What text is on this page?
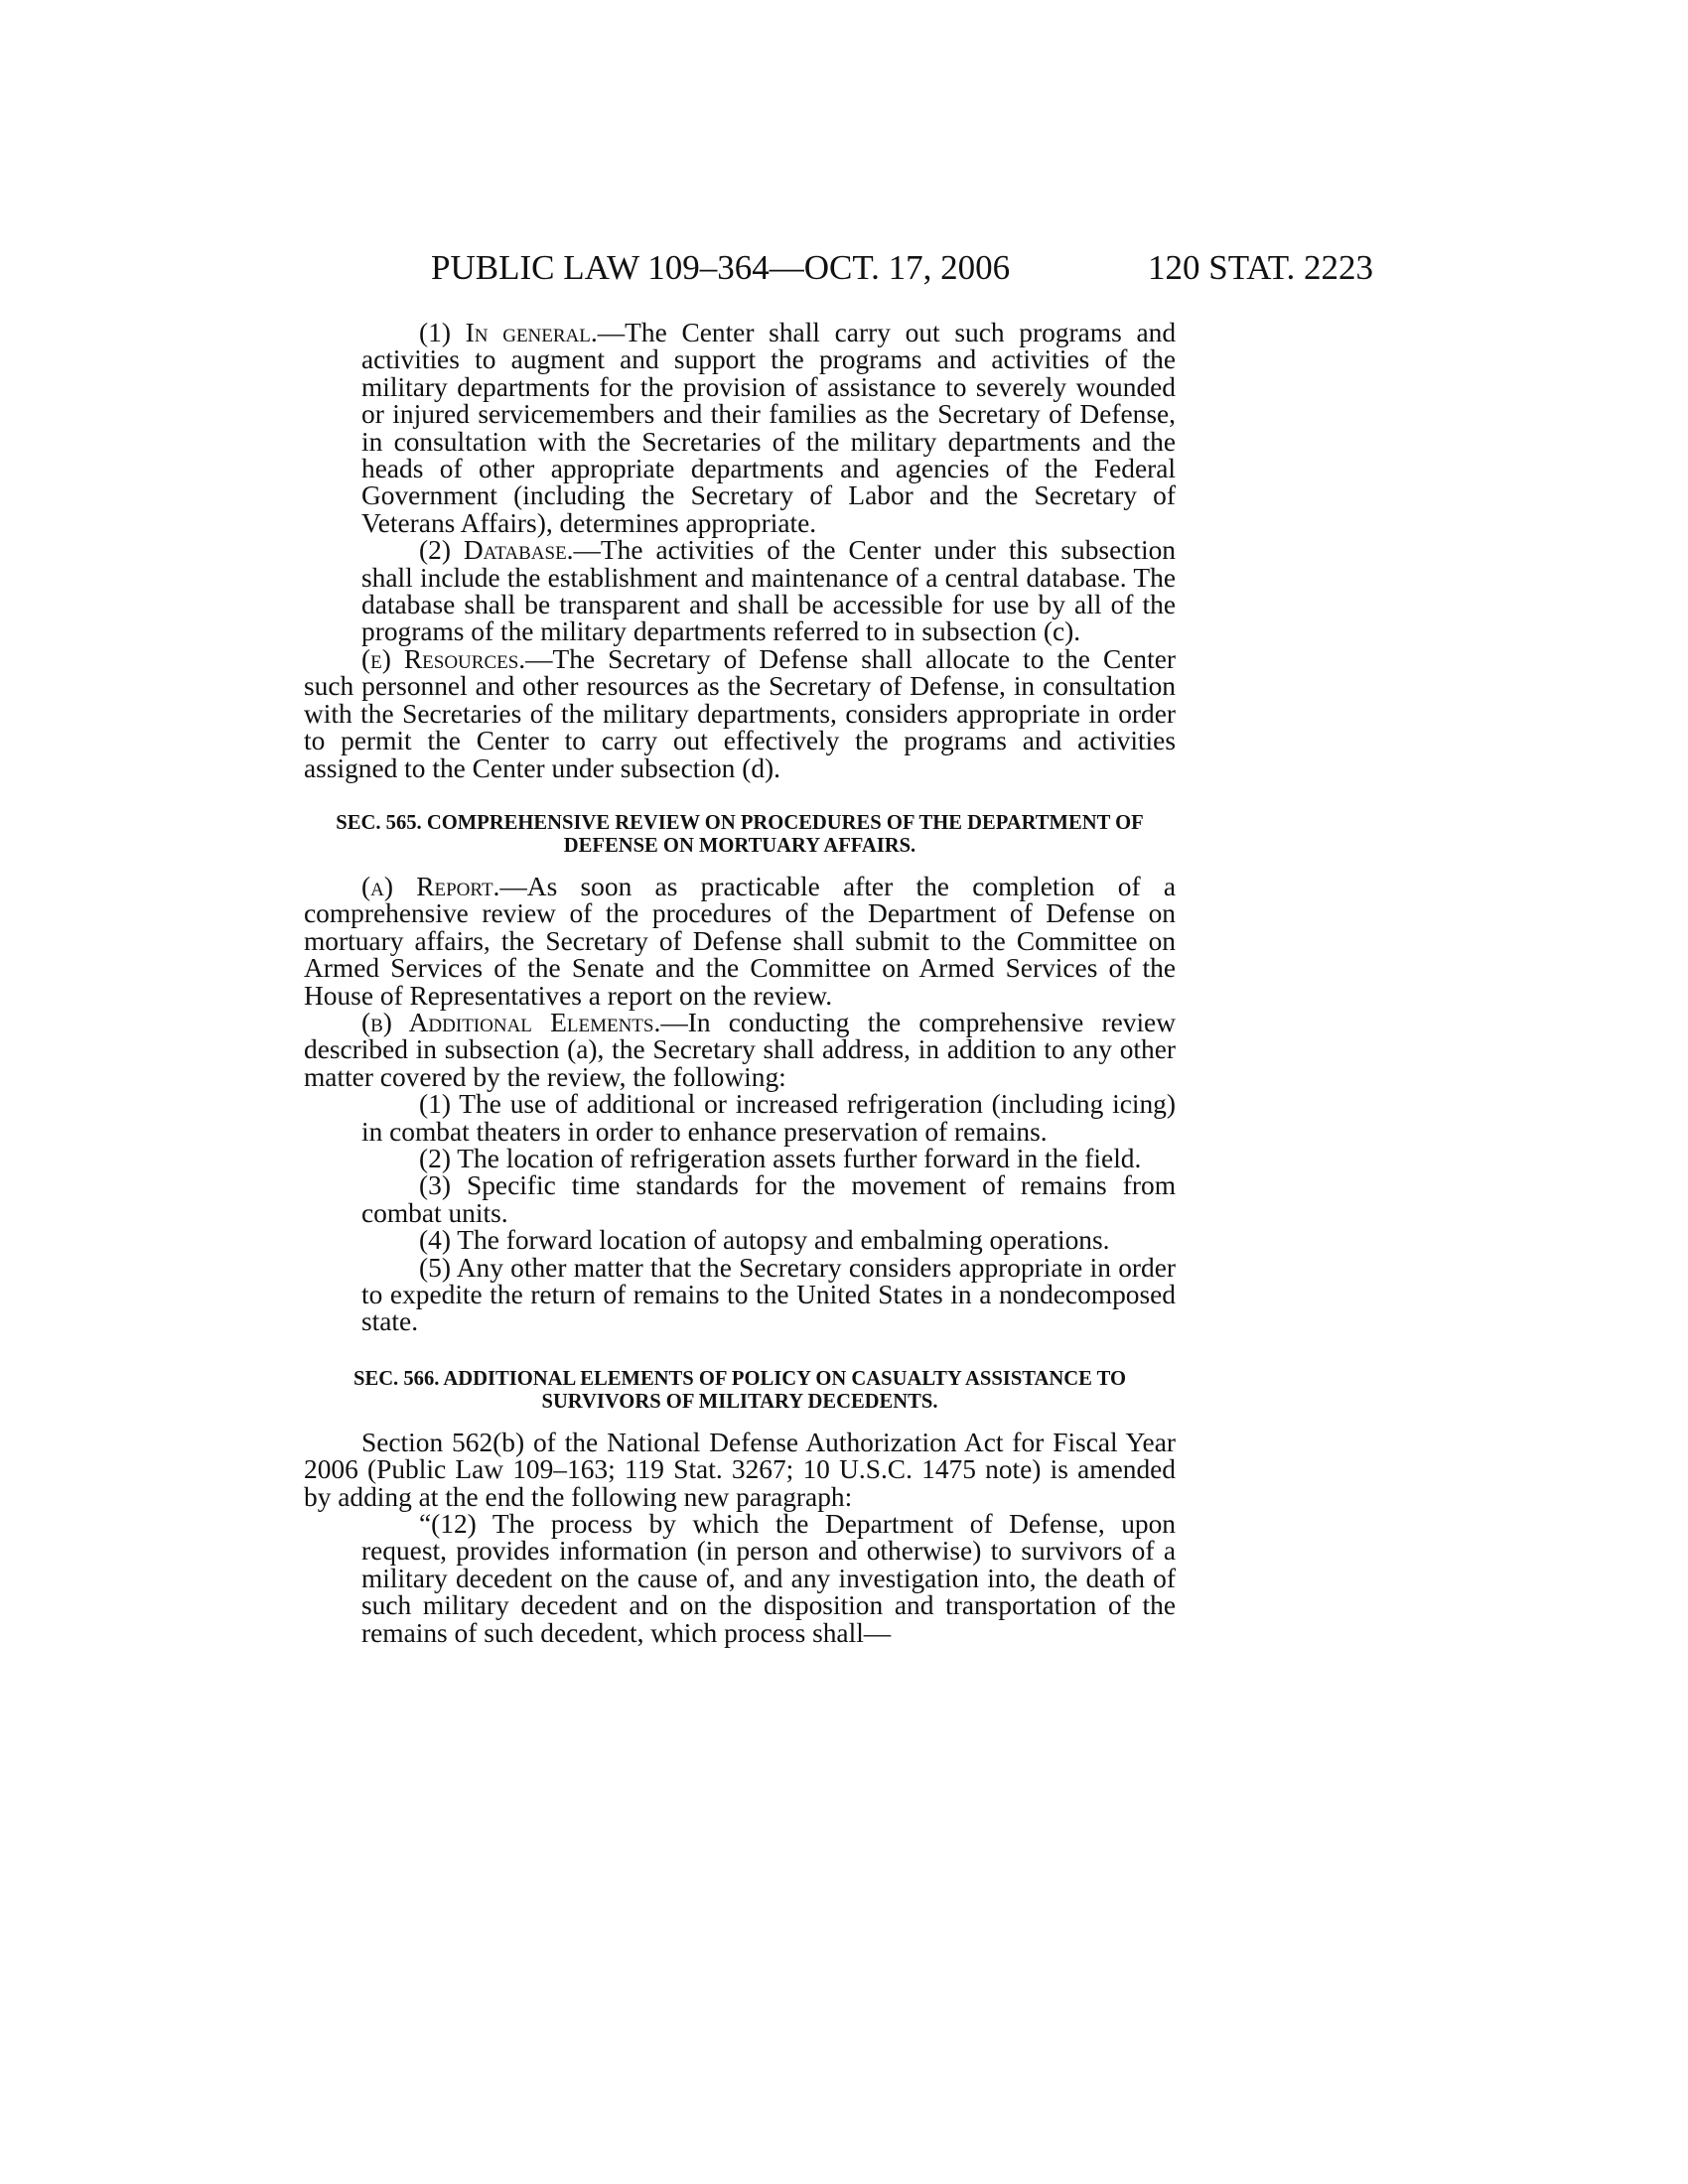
PUBLIC LAW 109–364—OCT. 17, 2006	120 STAT. 2223

(1) In general.—The Center shall carry out such programs and activities to augment and support the programs and activities of the military departments for the provision of assistance to severely wounded or injured servicemembers and their families as the Secretary of Defense, in consultation with the Secretaries of the military departments and the heads of other appropriate departments and agencies of the Federal Government (including the Secretary of Labor and the Secretary of Veterans Affairs), determines appropriate.

(2) Database.—The activities of the Center under this subsection shall include the establishment and maintenance of a central database. The database shall be transparent and shall be accessible for use by all of the programs of the military departments referred to in subsection (c).

(e) Resources.—The Secretary of Defense shall allocate to the Center such personnel and other resources as the Secretary of Defense, in consultation with the Secretaries of the military departments, considers appropriate in order to permit the Center to carry out effectively the programs and activities assigned to the Center under subsection (d).

SEC. 565. COMPREHENSIVE REVIEW ON PROCEDURES OF THE DEPARTMENT OF DEFENSE ON MORTUARY AFFAIRS.

(a) Report.—As soon as practicable after the completion of a comprehensive review of the procedures of the Department of Defense on mortuary affairs, the Secretary of Defense shall submit to the Committee on Armed Services of the Senate and the Committee on Armed Services of the House of Representatives a report on the review.

(b) Additional Elements.—In conducting the comprehensive review described in subsection (a), the Secretary shall address, in addition to any other matter covered by the review, the following:

(1) The use of additional or increased refrigeration (including icing) in combat theaters in order to enhance preservation of remains.

(2) The location of refrigeration assets further forward in the field.

(3) Specific time standards for the movement of remains from combat units.

(4) The forward location of autopsy and embalming operations.

(5) Any other matter that the Secretary considers appropriate in order to expedite the return of remains to the United States in a nondecomposed state.

SEC. 566. ADDITIONAL ELEMENTS OF POLICY ON CASUALTY ASSISTANCE TO SURVIVORS OF MILITARY DECEDENTS.

Section 562(b) of the National Defense Authorization Act for Fiscal Year 2006 (Public Law 109–163; 119 Stat. 3267; 10 U.S.C. 1475 note) is amended by adding at the end the following new paragraph:

“(12) The process by which the Department of Defense, upon request, provides information (in person and otherwise) to survivors of a military decedent on the cause of, and any investigation into, the death of such military decedent and on the disposition and transportation of the remains of such decedent, which process shall—
